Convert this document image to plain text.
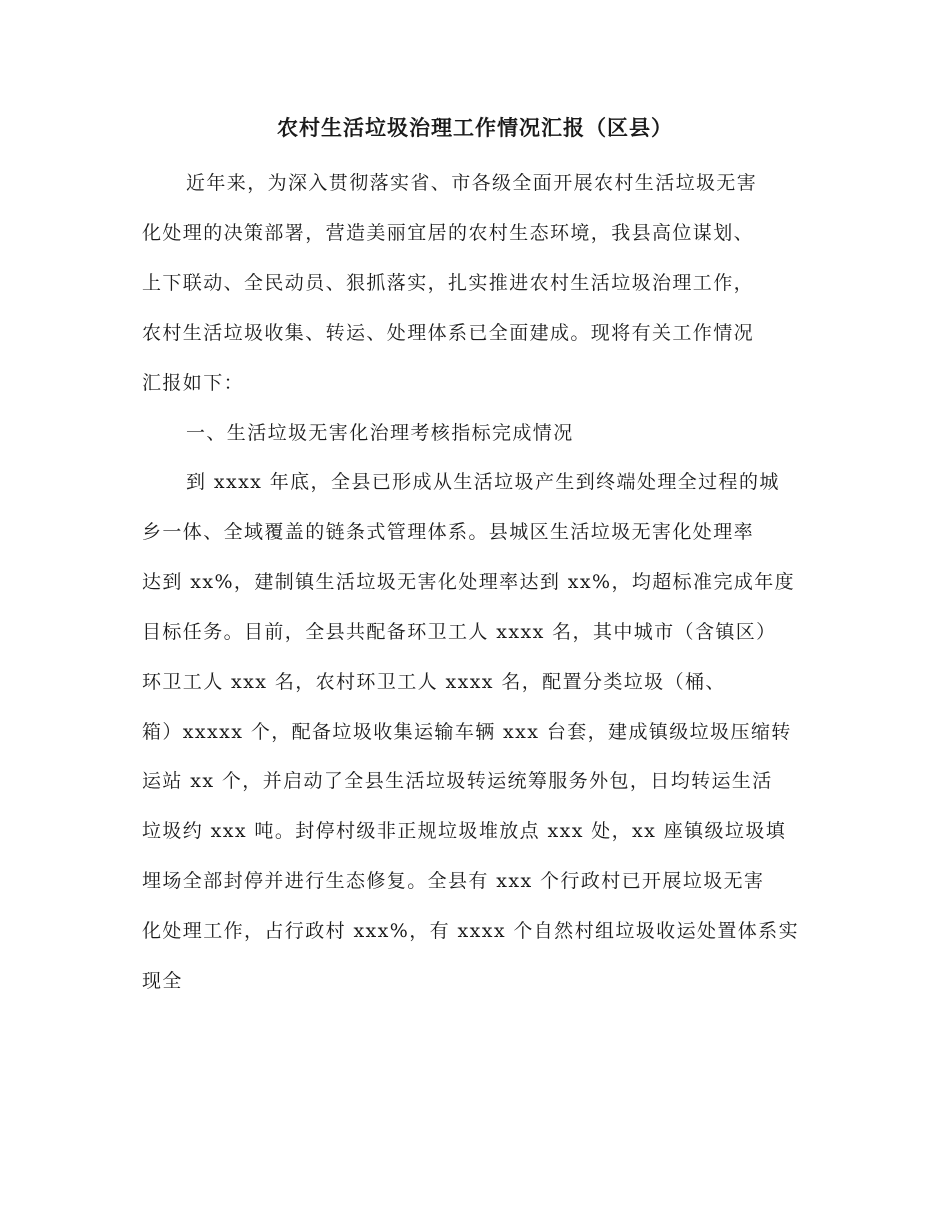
农村生活垃圾治理工作情况汇报（区县）
近年来，为深入贯彻落实省、市各级全面开展农村生活垃圾无害
化处理的决策部署，营造美丽宜居的农村生态环境，我县高位谋划、
上下联动、全民动员、狠抓落实，扎实推进农村生活垃圾治理工作，
农村生活垃圾收集、转运、处理体系已全面建成。现将有关工作情况
汇报如下：
一、生活垃圾无害化治理考核指标完成情况
到 xxxx 年底，全县已形成从生活垃圾产生到终端处理全过程的城
乡一体、全域覆盖的链条式管理体系。县城区生活垃圾无害化处理率
达到 xx%，建制镇生活垃圾无害化处理率达到 xx%，均超标准完成年度
目标任务。目前，全县共配备环卫工人 xxxx 名，其中城市（含镇区）
环卫工人 xxx 名，农村环卫工人 xxxx 名，配置分类垃圾（桶、
箱）xxxxx 个，配备垃圾收集运输车辆 xxx 台套，建成镇级垃圾压缩转
运站 xx 个，并启动了全县生活垃圾转运统筹服务外包，日均转运生活
垃圾约 xxx 吨。封停村级非正规垃圾堆放点 xxx 处，xx 座镇级垃圾填
埋场全部封停并进行生态修复。全县有 xxx 个行政村已开展垃圾无害
化处理工作，占行政村 xxx%，有 xxxx 个自然村组垃圾收运处置体系实
现全
